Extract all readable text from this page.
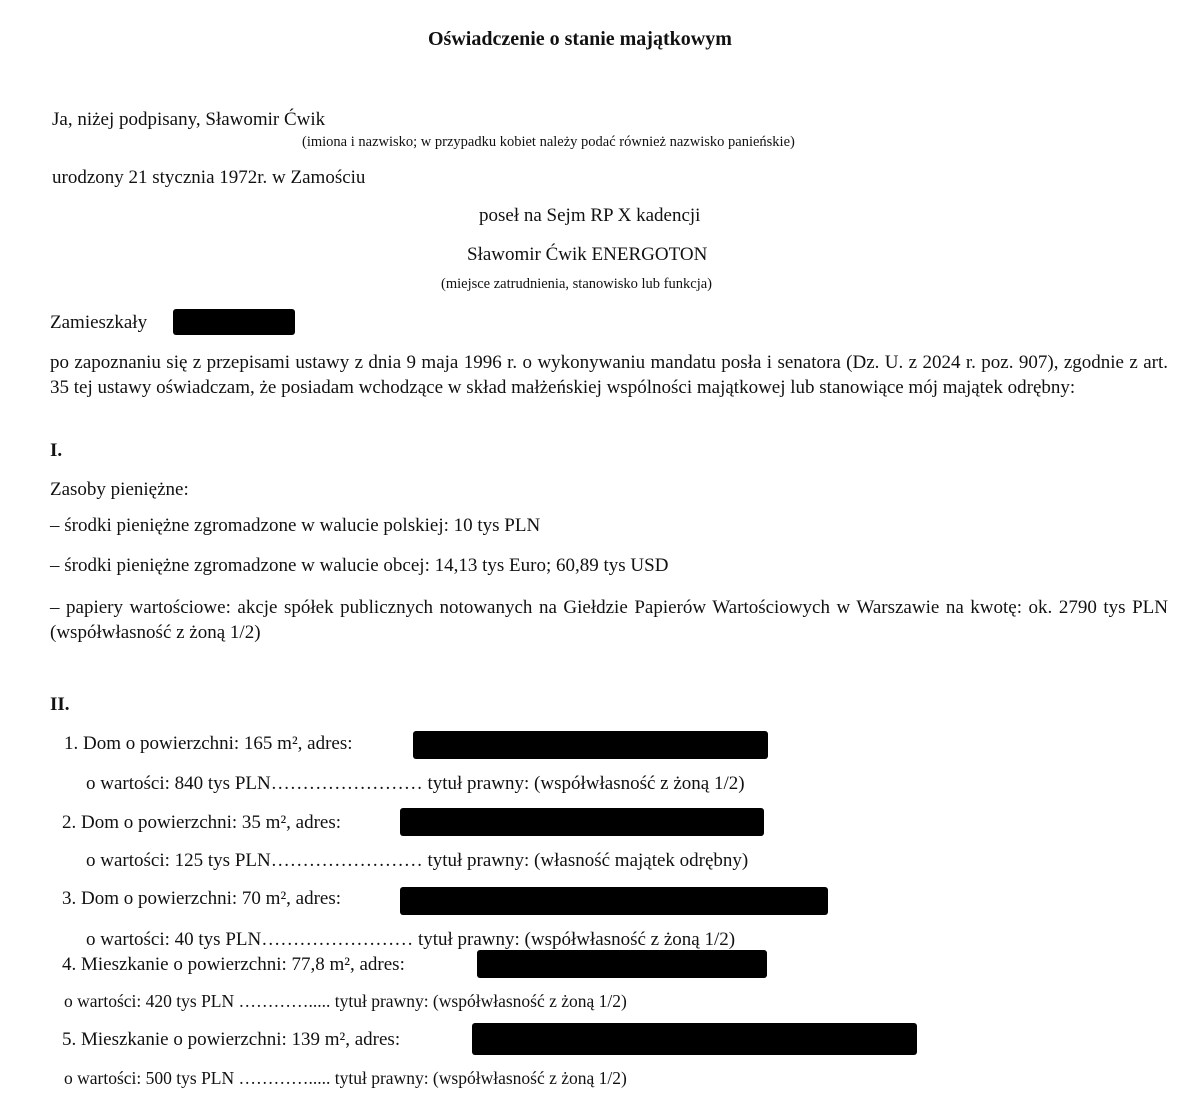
Oświadczenie o stanie majątkowym
Ja, niżej podpisany, Sławomir Ćwik
(imiona i nazwisko; w przypadku kobiet należy podać również nazwisko panieńskie)
urodzony 21 stycznia 1972r. w Zamościu
poseł na Sejm RP X kadencji
Sławomir Ćwik ENERGOTON
(miejsce zatrudnienia, stanowisko lub funkcja)
Zamieszkały
po zapoznaniu się z przepisami ustawy z dnia 9 maja 1996 r. o wykonywaniu mandatu posła i senatora (Dz. U. z 2024 r. poz. 907), zgodnie z art. 35 tej ustawy oświadczam, że posiadam wchodzące w skład małżeńskiej wspólności majątkowej lub stanowiące mój majątek odrębny:
I.
Zasoby pieniężne:
– środki pieniężne zgromadzone w walucie polskiej: 10 tys PLN
– środki pieniężne zgromadzone w walucie obcej: 14,13 tys Euro; 60,89 tys USD
– papiery wartościowe: akcje spółek publicznych notowanych na Giełdzie Papierów Wartościowych w Warszawie na kwotę: ok. 2790 tys PLN (współwłasność z żoną 1/2)
II.
1. Dom o powierzchni: 165 m², adres:
o wartości: 840 tys PLN…………………… tytuł prawny: (współwłasność z żoną 1/2)
2. Dom o powierzchni: 35 m², adres:
o wartości: 125 tys PLN…………………… tytuł prawny: (własność majątek odrębny)
3. Dom o powierzchni: 70 m², adres:
o wartości: 40 tys PLN…………………… tytuł prawny: (współwłasność z żoną 1/2)
4. Mieszkanie o powierzchni: 77,8 m², adres:
o wartości: 420 tys PLN …………..... tytuł prawny: (współwłasność z żoną 1/2)
5. Mieszkanie o powierzchni: 139 m², adres:
o wartości: 500 tys PLN …………..... tytuł prawny: (współwłasność z żoną 1/2)
